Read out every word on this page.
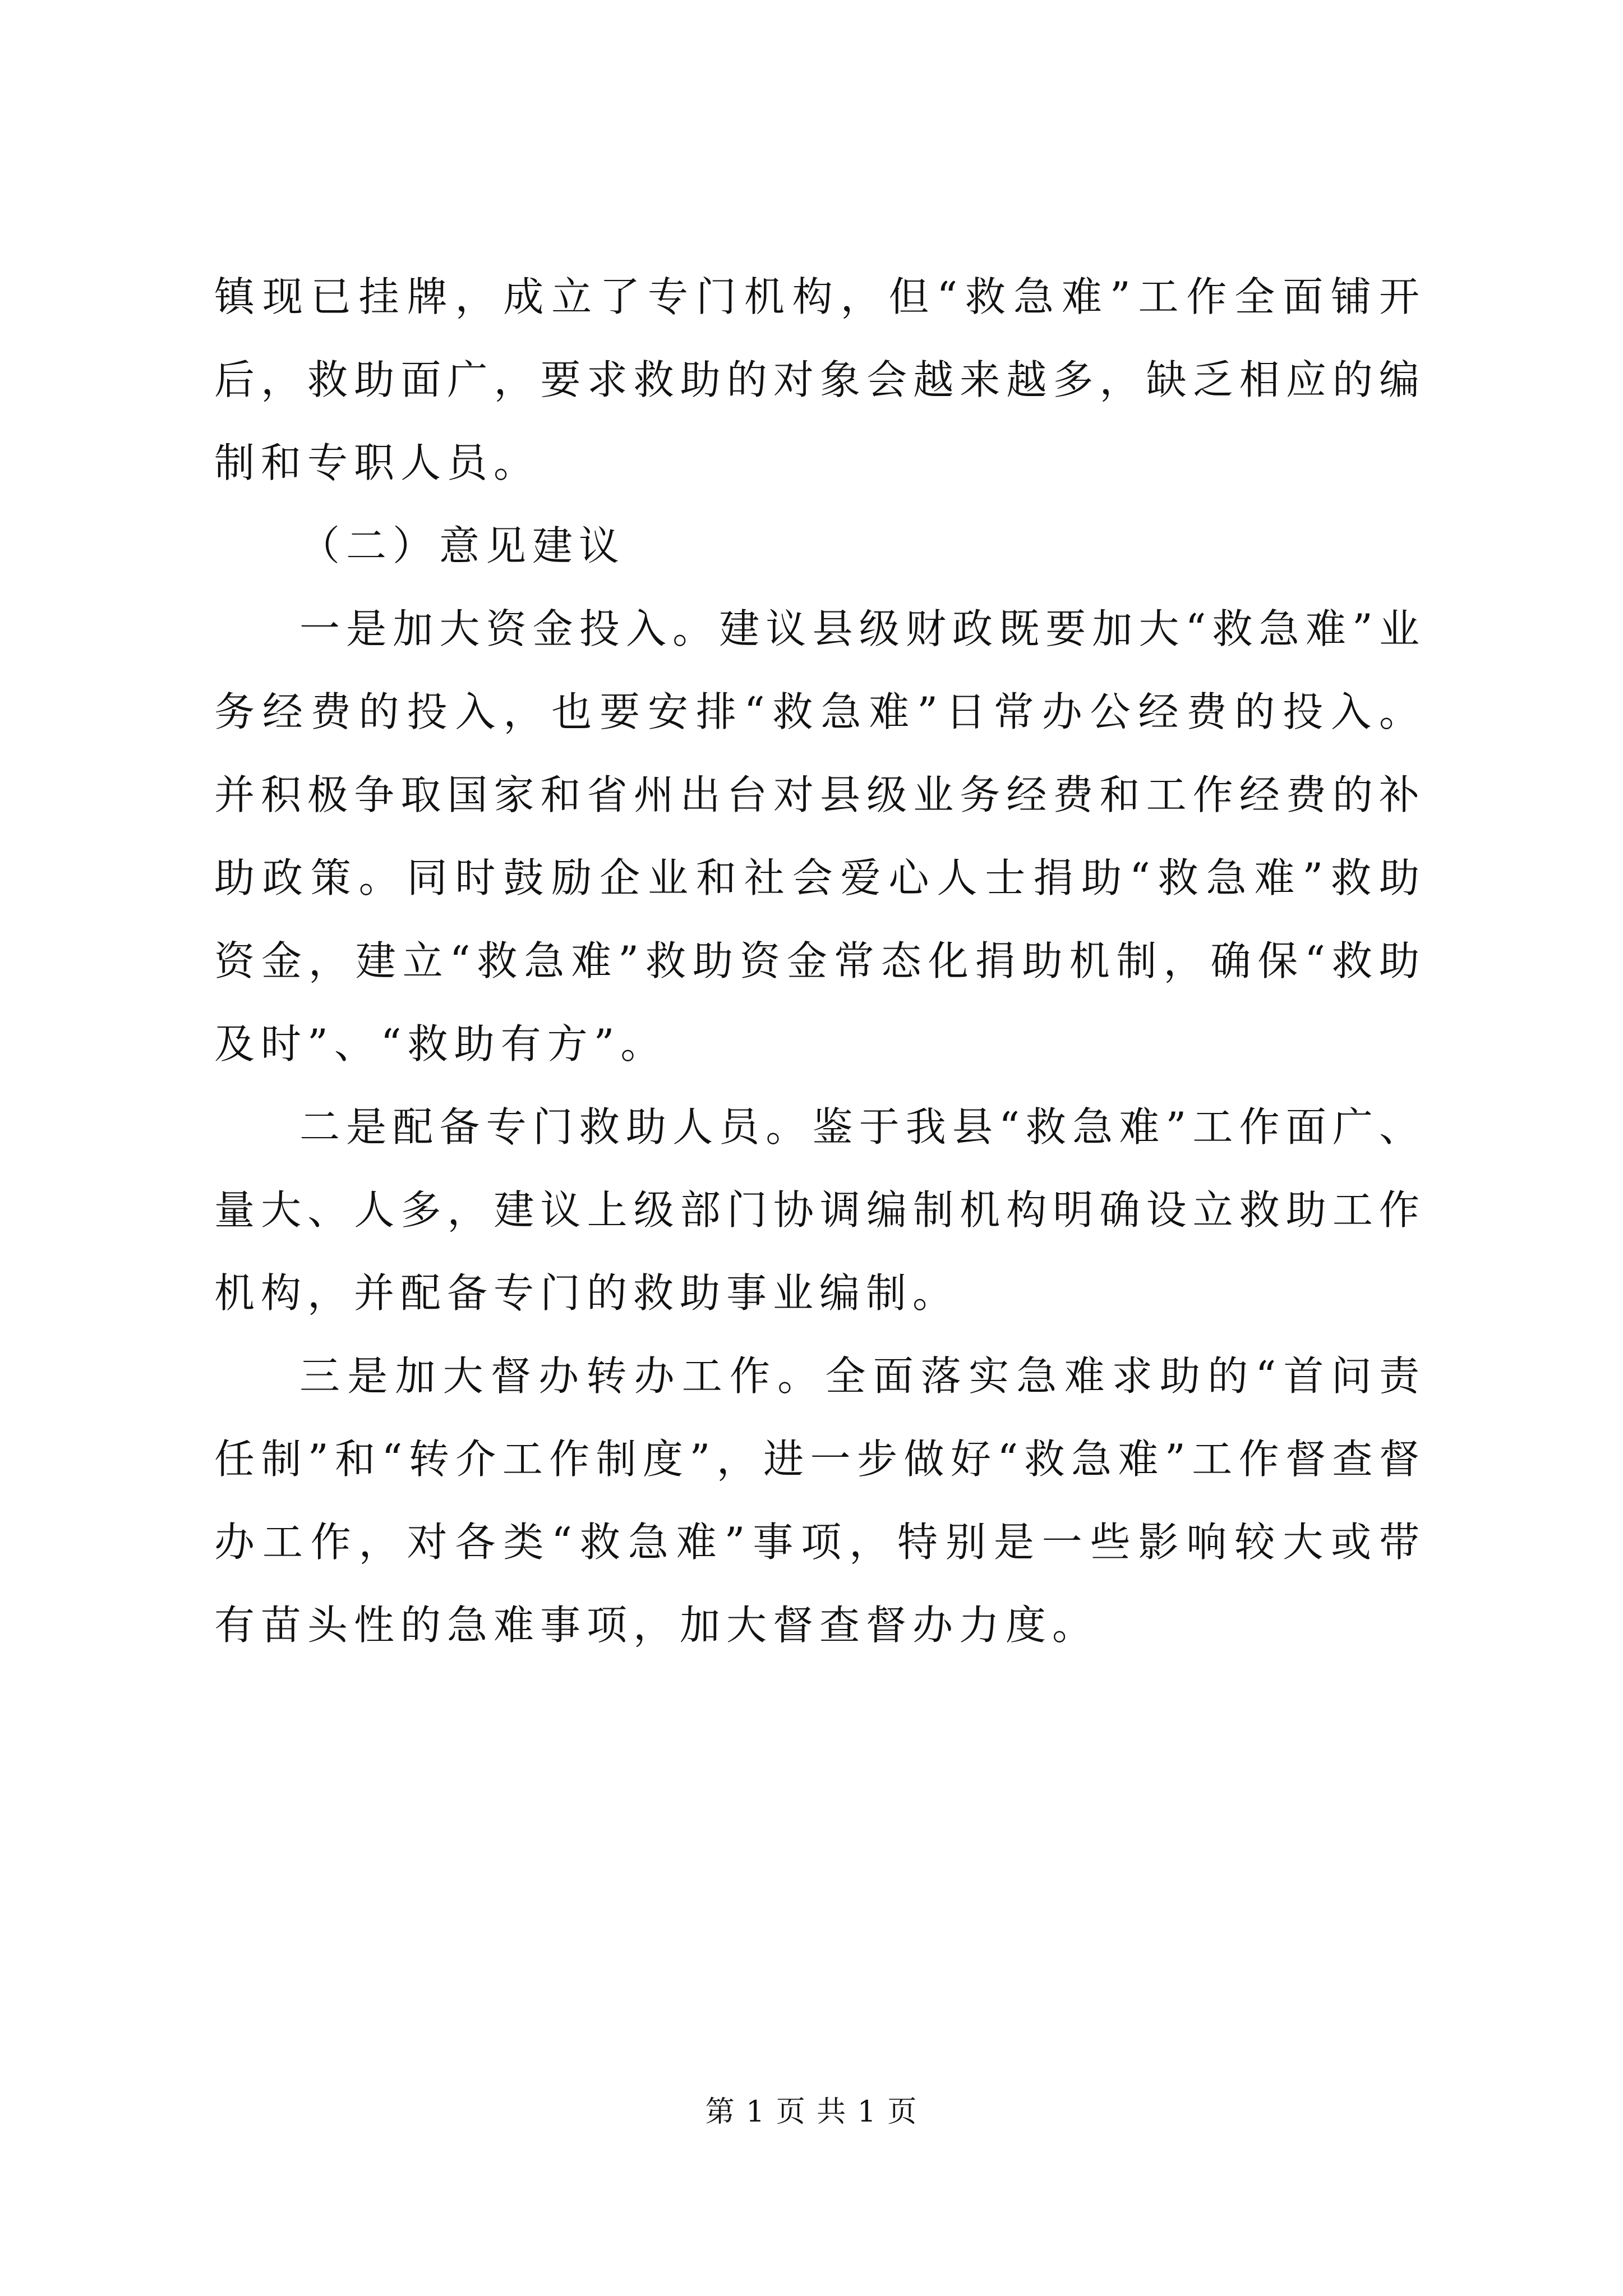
镇现已挂牌，成立了专门机构，但“救急难”工作全面铺开后，救助面广，要求救助的对象会越来越多，缺乏相应的编制和专职人员。

（二）意见建议

一是加大资金投入。建议县级财政既要加大“救急难”业务经费的投入，也要安排“救急难”日常办公经费的投入。并积极争取国家和省州出台对县级业务经费和工作经费的补助政策。同时鼓励企业和社会爱心人士捐助“救急难”救助资金，建立“救急难”救助资金常态化捐助机制，确保“救助及时”、“救助有方”。

二是配备专门救助人员。鉴于我县“救急难”工作面广、量大、人多，建议上级部门协调编制机构明确设立救助工作机构，并配备专门的救助事业编制。

三是加大督办转办工作。全面落实急难求助的“首问责任制”和“转介工作制度”，进一步做好“救急难”工作督查督办工作，对各类“救急难”事项，特别是一些影响较大或带有苗头性的急难事项，加大督查督办力度。

第 1 页 共 1 页
